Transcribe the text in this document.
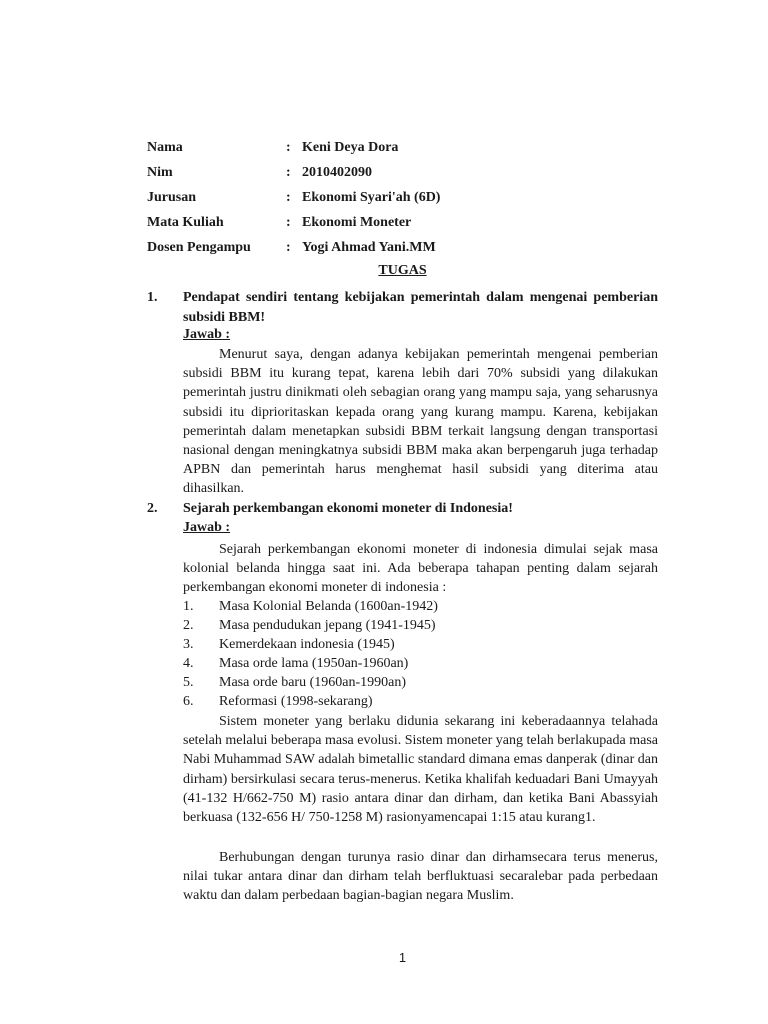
Nama	: Keni Deya Dora
Nim	: 2010402090
Jurusan	: Ekonomi Syari'ah (6D)
Mata Kuliah	: Ekonomi Moneter
Dosen Pengampu	: Yogi Ahmad Yani.MM
TUGAS
1. Pendapat sendiri tentang kebijakan pemerintah dalam mengenai pemberian subsidi BBM!
Jawab :

Menurut saya, dengan adanya kebijakan pemerintah mengenai pemberian subsidi BBM itu kurang tepat, karena lebih dari 70% subsidi yang dilakukan pemerintah justru dinikmati oleh sebagian orang yang mampu saja, yang seharusnya subsidi itu diprioritaskan kepada orang yang kurang mampu. Karena, kebijakan pemerintah dalam menetapkan subsidi BBM terkait langsung dengan transportasi nasional dengan meningkatnya subsidi BBM maka akan berpengaruh juga terhadap APBN dan pemerintah harus menghemat hasil subsidi yang diterima atau dihasilkan.

2. Sejarah perkembangan ekonomi moneter di Indonesia!
Jawab :

Sejarah perkembangan ekonomi moneter di indonesia dimulai sejak masa kolonial belanda hingga saat ini. Ada beberapa tahapan penting dalam sejarah perkembangan ekonomi moneter di indonesia :

1. Masa Kolonial Belanda (1600an-1942)
2. Masa pendudukan jepang (1941-1945)
3. Kemerdekaan indonesia (1945)
4. Masa orde lama (1950an-1960an)
5. Masa orde baru (1960an-1990an)
6. Reformasi (1998-sekarang)

Sistem moneter yang berlaku didunia sekarang ini keberadaannya telahada setelah melalui beberapa masa evolusi. Sistem moneter yang telah berlakupada masa Nabi Muhammad SAW adalah bimetallic standard dimana emas danperak (dinar dan dirham) bersirkulasi secara terus-menerus. Ketika khalifah keduadari Bani Umayyah (41-132 H/662-750 M) rasio antara dinar dan dirham, dan ketika Bani Abassyiah berkuasa (132-656 H/ 750-1258 M) rasionyamencapai 1:15 atau kurang1.

Berhubungan dengan turunya rasio dinar dan dirhamsecara terus menerus, nilai tukar antara dinar dan dirham telah berfluktuasi secaralebar pada perbedaan waktu dan dalam perbedaan bagian-bagian negara Muslim.

1
